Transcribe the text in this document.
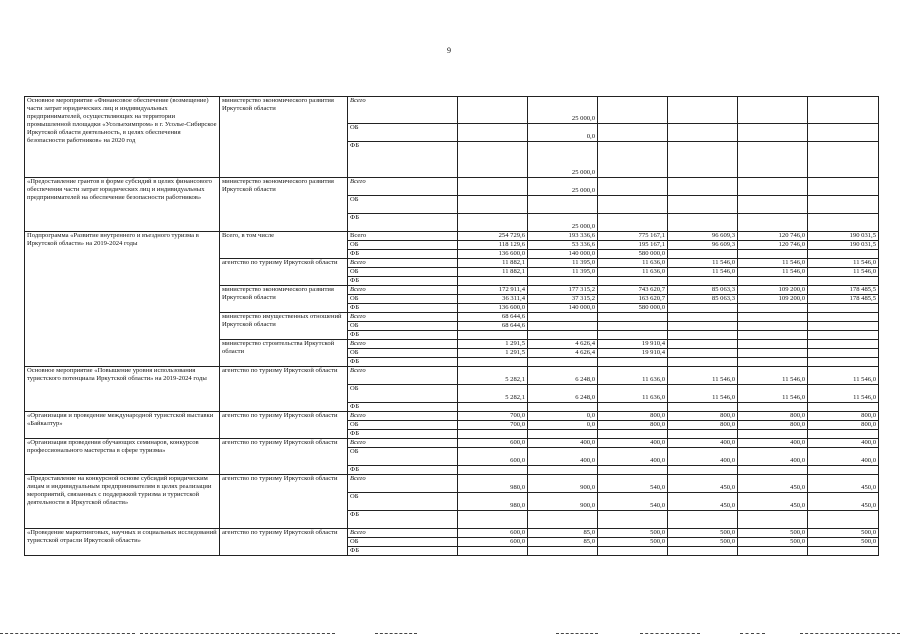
9
Основное мероприятие «Финансовое обеспечение (возмещение) части затрат юридических лиц и индивидуальных предпринимателей, осуществляющих на территории промышленной площадки «Усольехимпром» в г. Усолье-Сибирское Иркутской области деятельность, в целях обеспечения безопасности работников» на 2020 год	министерство экономического развития Иркутской области	Всего		25 000,0				
		ОБ		0,0				
		ФБ		25 000,0				
«Предоставление грантов в форме субсидий в целях финансового обеспечения части затрат юридических лиц и индивидуальных предпринимателей на обеспечение безопасности работников»	министерство экономического развития Иркутской области	Всего		25 000,0				
		ОБ						
		ФБ		25 000,0				
Подпрограмма «Развитие внутреннего и въездного туризма в Иркутской области» на 2019-2024 годы	Всего, в том числе	Всего	254 729,6	193 336,6	775 167,1	96 609,3	120 746,0	190 031,5
		ОБ	118 129,6	53 336,6	195 167,1	96 609,3	120 746,0	190 031,5
		ФБ	136 600,0	140 000,0	580 000,0			
	агентство по туризму Иркутской области	Всего	11 882,1	11 395,0	11 636,0	11 546,0	11 546,0	11 546,0
		ОБ	11 882,1	11 395,0	11 636,0	11 546,0	11 546,0	11 546,0
		ФБ						
	министерство экономического развития Иркутской области	Всего	172 911,4	177 315,2	743 620,7	85 063,3	109 200,0	178 485,5
		ОБ	36 311,4	37 315,2	163 620,7	85 063,3	109 200,0	178 485,5
		ФБ	136 600,0	140 000,0	580 000,0			
	министерство имущественных отношений Иркутской области	Всего	68 644,6					
		ОБ	68 644,6					
		ФБ						
	министерство строительства Иркутской области	Всего	1 291,5	4 626,4	19 910,4			
		ОБ	1 291,5	4 626,4	19 910,4			
		ФБ						
Основное мероприятие «Повышение уровня использования туристского потенциала Иркутской области» на 2019-2024 годы	агентство по туризму Иркутской области	Всего	5 282,1	6 248,0	11 636,0	11 546,0	11 546,0	11 546,0
		ОБ	5 282,1	6 248,0	11 636,0	11 546,0	11 546,0	11 546,0
		ФБ						
«Организация и проведение международной туристской выставки «Байкалтур»	агентство по туризму Иркутской области	Всего	700,0	0,0	800,0	800,0	800,0	800,0
		ОБ	700,0	0,0	800,0	800,0	800,0	800,0
		ФБ						
«Организация проведения обучающих семинаров, конкурсов профессионального мастерства в сфере туризма»	агентство по туризму Иркутской области	Всего	600,0	400,0	400,0	400,0	400,0	400,0
		ОБ	600,0	400,0	400,0	400,0	400,0	400,0
		ФБ						
«Предоставление на конкурсной основе субсидий юридическим лицам и индивидуальным предпринимателям в целях реализации мероприятий, связанных с поддержкой туризма и туристской деятельности в Иркутской области»	агентство по туризму Иркутской области	Всего	980,0	900,0	540,0	450,0	450,0	450,0
		ОБ	980,0	900,0	540,0	450,0	450,0	450,0
		ФБ						
«Проведение маркетинговых, научных и социальных исследований туристской отрасли Иркутской области»	агентство по туризму Иркутской области	Всего	600,0	85,0	500,0	500,0	500,0	500,0
		ОБ	600,0	85,0	500,0	500,0	500,0	500,0
		ФБ						
